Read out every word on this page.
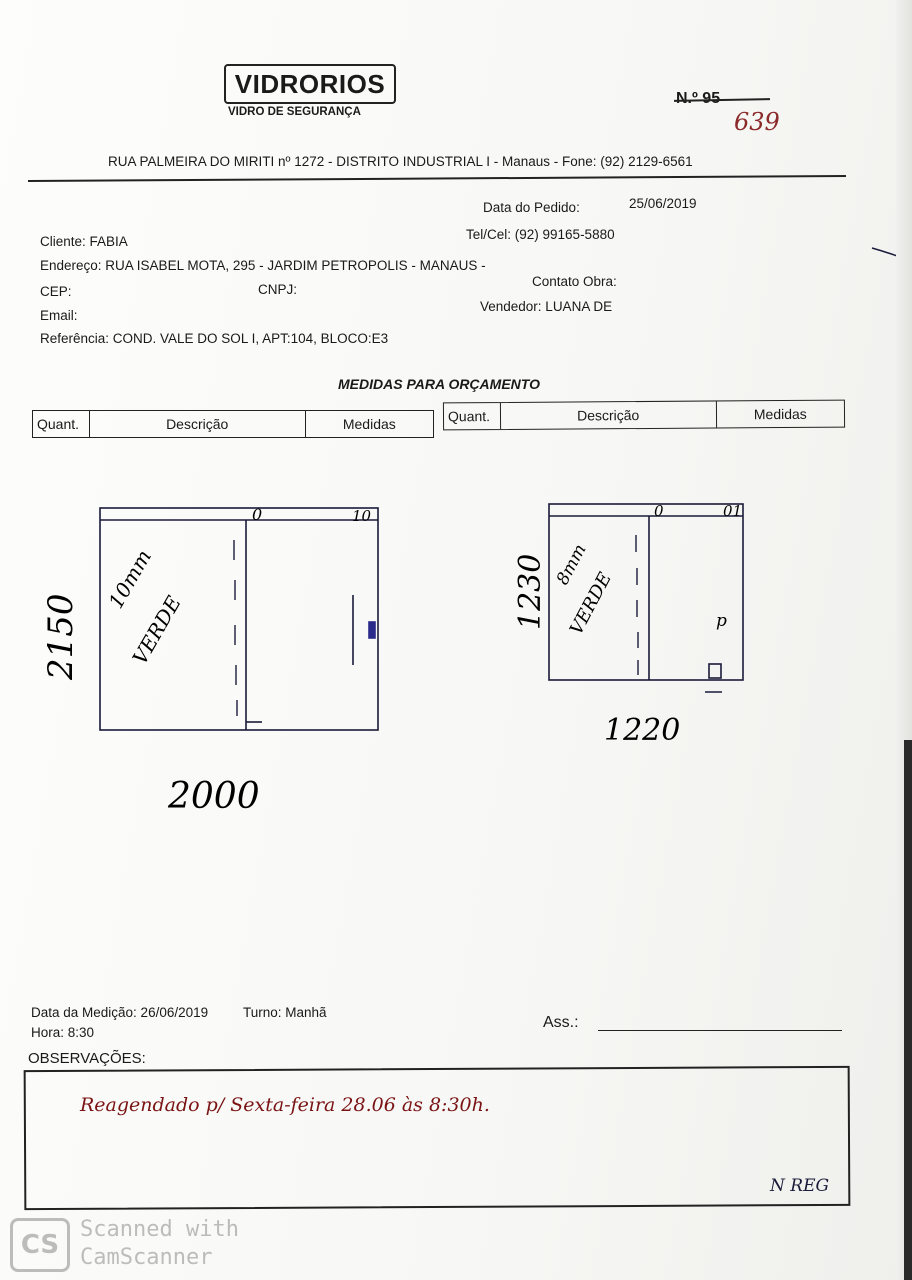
VIDRORIOS
VIDRO DE SEGURANÇA
N.º 95
639
RUA PALMEIRA DO MIRITI nº 1272 - DISTRITO INDUSTRIAL I - Manaus - Fone: (92) 2129-6561
Data do Pedido:	25/06/2019
Cliente: FABIA	Tel/Cel: (92) 99165-5880
Endereço: RUA ISABEL MOTA, 295 - JARDIM PETROPOLIS - MANAUS -
CEP:	CNPJ:
Contato Obra:
Email:
Vendedor: LUANA DE
Referência: COND. VALE DO SOL I, APT:104, BLOCO:E3
MEDIDAS PARA ORÇAMENTO
Quant.	Descrição	Medidas	Quant.	Descrição	Medidas
0	10
2150
10mm
VERDE
2000
0	01
p
1230 8mm
VERDE
1220
Data da Medição: 26/06/2019	Turno: Manhã
Hora: 8:30
Ass.:
OBSERVAÇÕES:
Reagendado p/ Sexta-feira 28.06 às 8:30h.
N REG
CS
Scanned with
CamScanner
